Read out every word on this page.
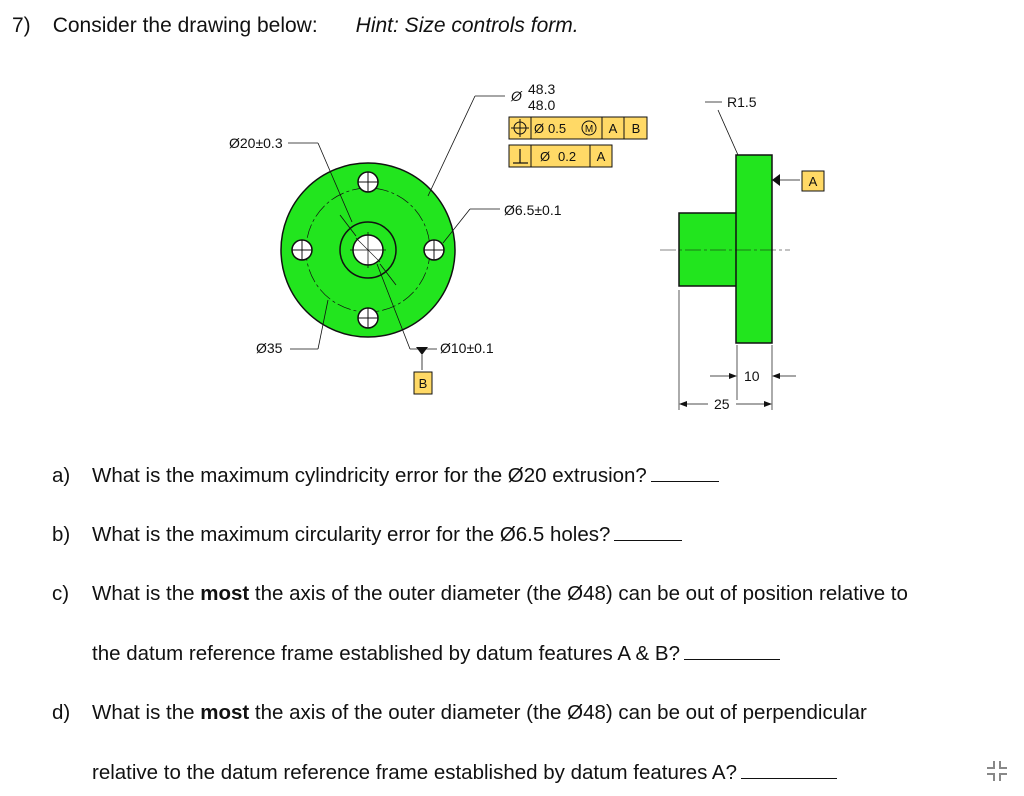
7) Consider the drawing below: Hint: Size controls form.
Ø20±0.3
Ø35
Ø6.5±0.1
Ø10±0.1
B
Ø 48.3
48.0
Ø 0.5 M A B
Ø 0.2 A
R1.5
A
10
25
a) What is the maximum cylindricity error for the Ø20 extrusion?
b) What is the maximum circularity error for the Ø6.5 holes?
c) What is the most the axis of the outer diameter (the Ø48) can be out of position relative to
the datum reference frame established by datum features A & B?
d) What is the most the axis of the outer diameter (the Ø48) can be out of perpendicular
relative to the datum reference frame established by datum features A?
